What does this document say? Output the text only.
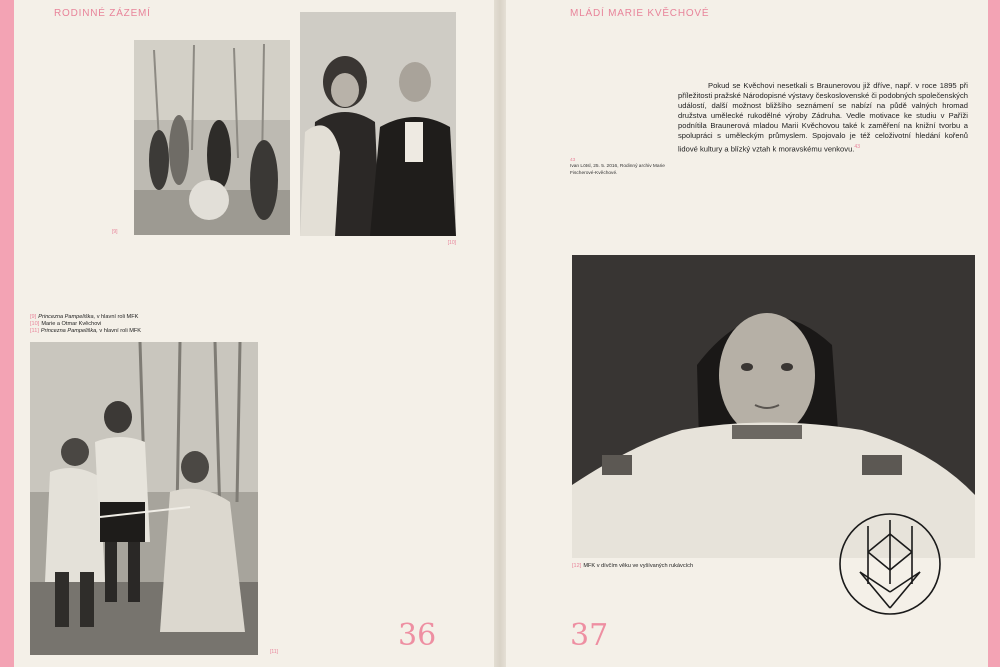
RODINNÉ ZÁZEMÍ
[9]
[10]
[9] Princezna Pampeliška, v hlavní roli MFK
[10] Marie a Otmar Kvěchovi
[11] Princezna Pampeliška, v hlavní roli MFK
[11]	36
MLÁDÍ MARIE KVĚCHOVÉ
43
Ivan Lötsl, 25. 5. 2016, Rodinný archiv Marie Fischerové-Kvěchové.
Pokud se Kvěchovi nesetkali s Braunerovou již dříve, např. v roce 1895 při příležitosti pražské Národopisné výstavy československé či podobných společenských událostí, další možnost bližšího seznámení se nabízí na půdě valných hromad družstva umělecké rukodělné výroby Zádruha. Vedle motivace ke studiu v Paříži podnítila Braunerová mladou Marii Kvěchovou také k zaměření na knižní tvorbu a spolupráci s uměleckým průmyslem. Spojovalo je též celoživotní hledání kořenů lidové kultury a blízký vztah k moravskému venkovu.$^{43}$
[12] MFK v dívčím věku ve vyšívaných rukávcích
37
